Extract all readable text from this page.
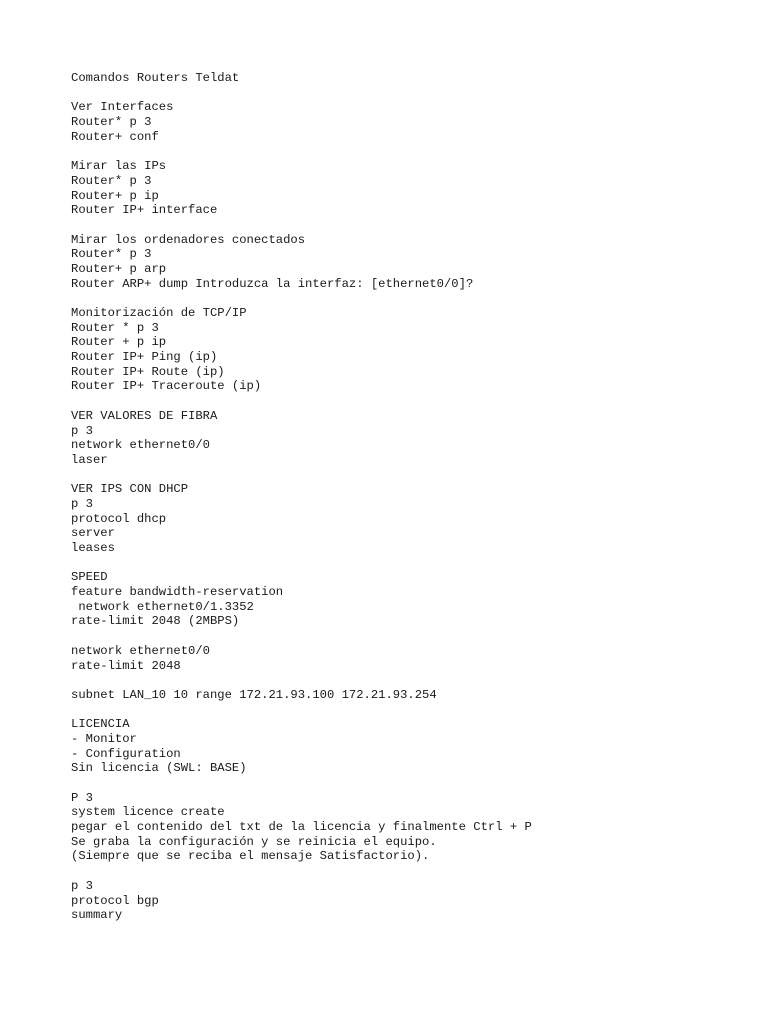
Comandos Routers Teldat
Ver Interfaces
Router* p 3
Router+ conf
Mirar las IPs
Router* p 3
Router+ p ip
Router IP+ interface
Mirar los ordenadores conectados
Router* p 3
Router+ p arp
Router ARP+ dump Introduzca la interfaz: [ethernet0/0]?
Monitorización de TCP/IP
Router * p 3
Router + p ip
Router IP+ Ping (ip)
Router IP+ Route (ip)
Router IP+ Traceroute (ip)
VER VALORES DE FIBRA
p 3
network ethernet0/0
laser
VER IPS CON DHCP
p 3
protocol dhcp
server
leases
SPEED
feature bandwidth-reservation
network ethernet0/1.3352
rate-limit 2048 (2MBPS)
network ethernet0/0
rate-limit 2048
subnet LAN_10 10 range 172.21.93.100 172.21.93.254
LICENCIA
- Monitor
- Configuration
Sin licencia (SWL: BASE)
P 3
system licence create
pegar el contenido del txt de la licencia y finalmente Ctrl + P
Se graba la configuración y se reinicia el equipo.
(Siempre que se reciba el mensaje Satisfactorio).
p 3
protocol bgp
summary
